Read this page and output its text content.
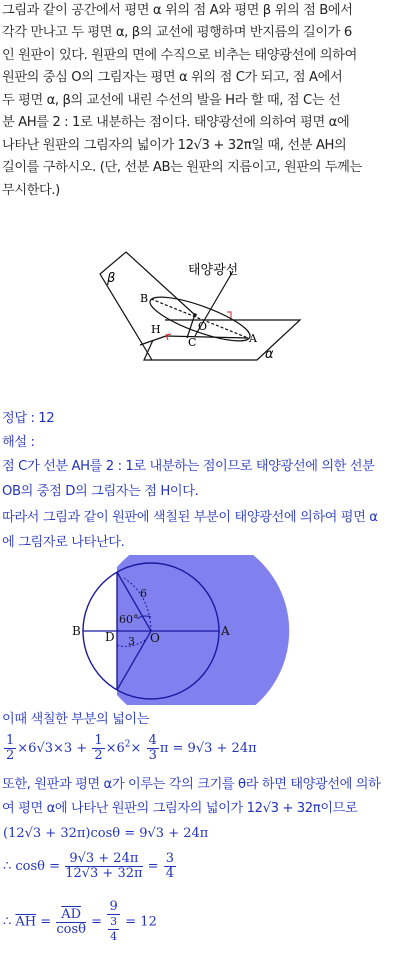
그림과 같이 공간에서 평면 α 위의 점 A와 평면 β 위의 점 B에서
각각 만나고 두 평면 α, β의 교선에 평행하며 반지름의 길이가 6
인 원판이 있다. 원판의 면에 수직으로 비추는 태양광선에 의하여
원판의 중심 O의 그림자는 평면 α 위의 점 C가 되고, 점 A에서
두 평면 α, β의 교선에 내린 수선의 발을 H라 할 때, 점 C는 선
분 AH를 2 : 1로 내분하는 점이다. 태양광선에 의하여 평면 α에
나타난 원판의 그림자의 넓이가 12√3 + 32π일 때, 선분 AH의
길이를 구하시오. (단, 선분 AB는 원판의 지름이고, 원판의 두께는
무시한다.)
β
α
태양광선
B
O
H
C	A
정답 : 12
해설 :
점 C가 선분 AH를 2 : 1로 내분하는 점이므로 태양광선에 의한 선분
OB의 중점 D의 그림자는 점 H이다.
따라서 그림과 같이 원판에 색칠된 부분이 태양광선에 의하여 평면 α
에 그림자로 나타난다.
B D	O	A
6
3
60°
이때 색칠한 부분의 넓이는
$\frac{1}{2} \times 6√3\times 3 + \frac{1}{2} \times 6^2\times \frac{4}{3}$ π = 9√3 + 24π
또한, 원판과 평면 α가 이루는 각의 크기를 θ라 하면 태양광선에 의하
여 평면 α에 나타난 원판의 그림자의 넓이가 12√3 + 32π이므로
(12√3 + 32π)cosθ = 9√3 + 24π
∴ $\cos\theta = \frac{9√3 + 24\pi}{12√3 + 32\pi} = \frac{3}{4}$
∴ $\overline{AH} = \frac{\overline{AD}}{\cos\theta} = \frac{9}{\frac{3}{4}} = 12$
